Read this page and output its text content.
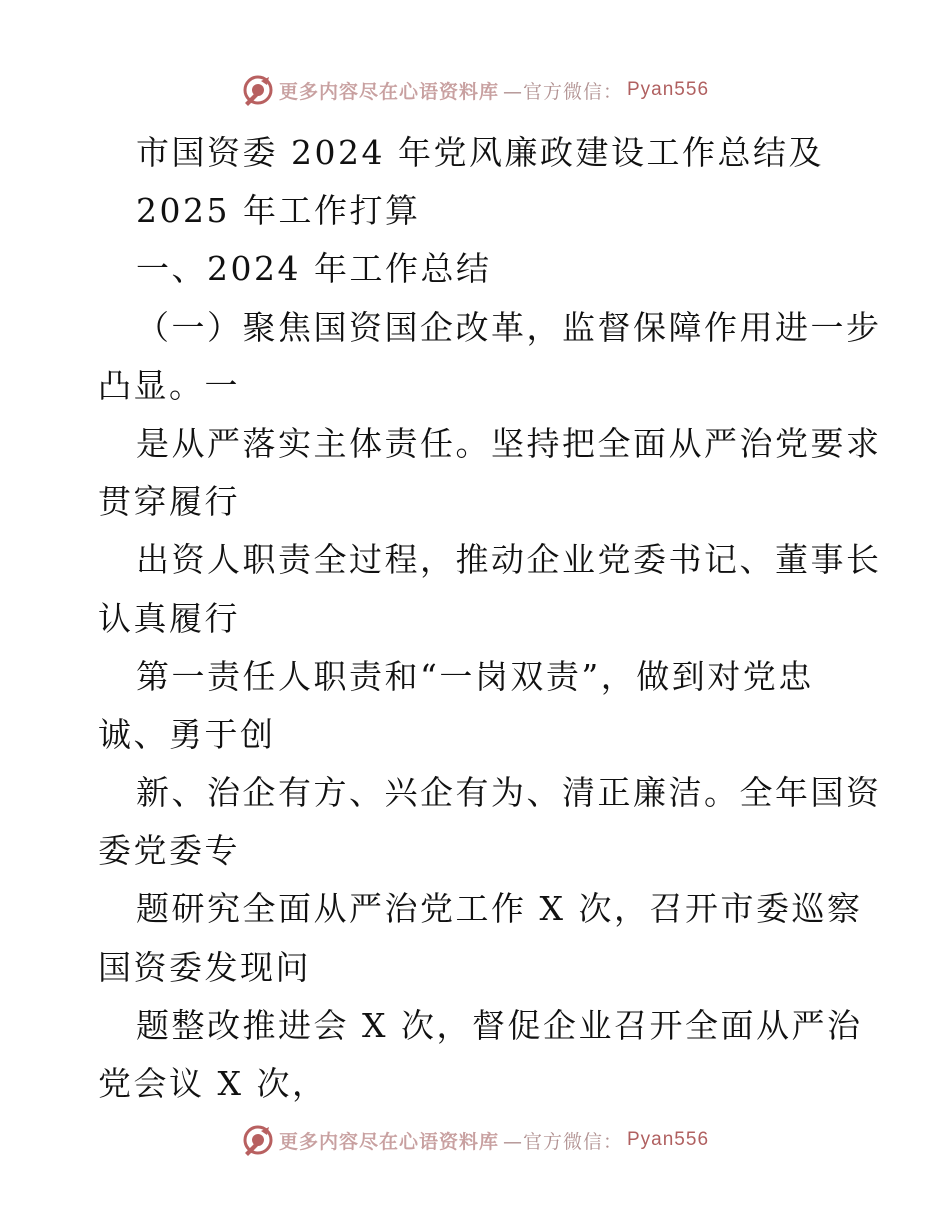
更多内容尽在心语资料库 —官方微信： Pyan556
市国资委 2024 年党风廉政建设工作总结及
2025 年工作打算
一、2024 年工作总结
（一）聚焦国资国企改革，监督保障作用进一步
凸显。一
是从严落实主体责任。坚持把全面从严治党要求
贯穿履行
出资人职责全过程，推动企业党委书记、董事长
认真履行
第一责任人职责和“一岗双责”，做到对党忠
诚、勇于创
新、治企有方、兴企有为、清正廉洁。全年国资
委党委专
题研究全面从严治党工作 X 次，召开市委巡察
国资委发现问
题整改推进会 X 次，督促企业召开全面从严治
党会议 X 次，
更多内容尽在心语资料库 —官方微信： Pyan556
